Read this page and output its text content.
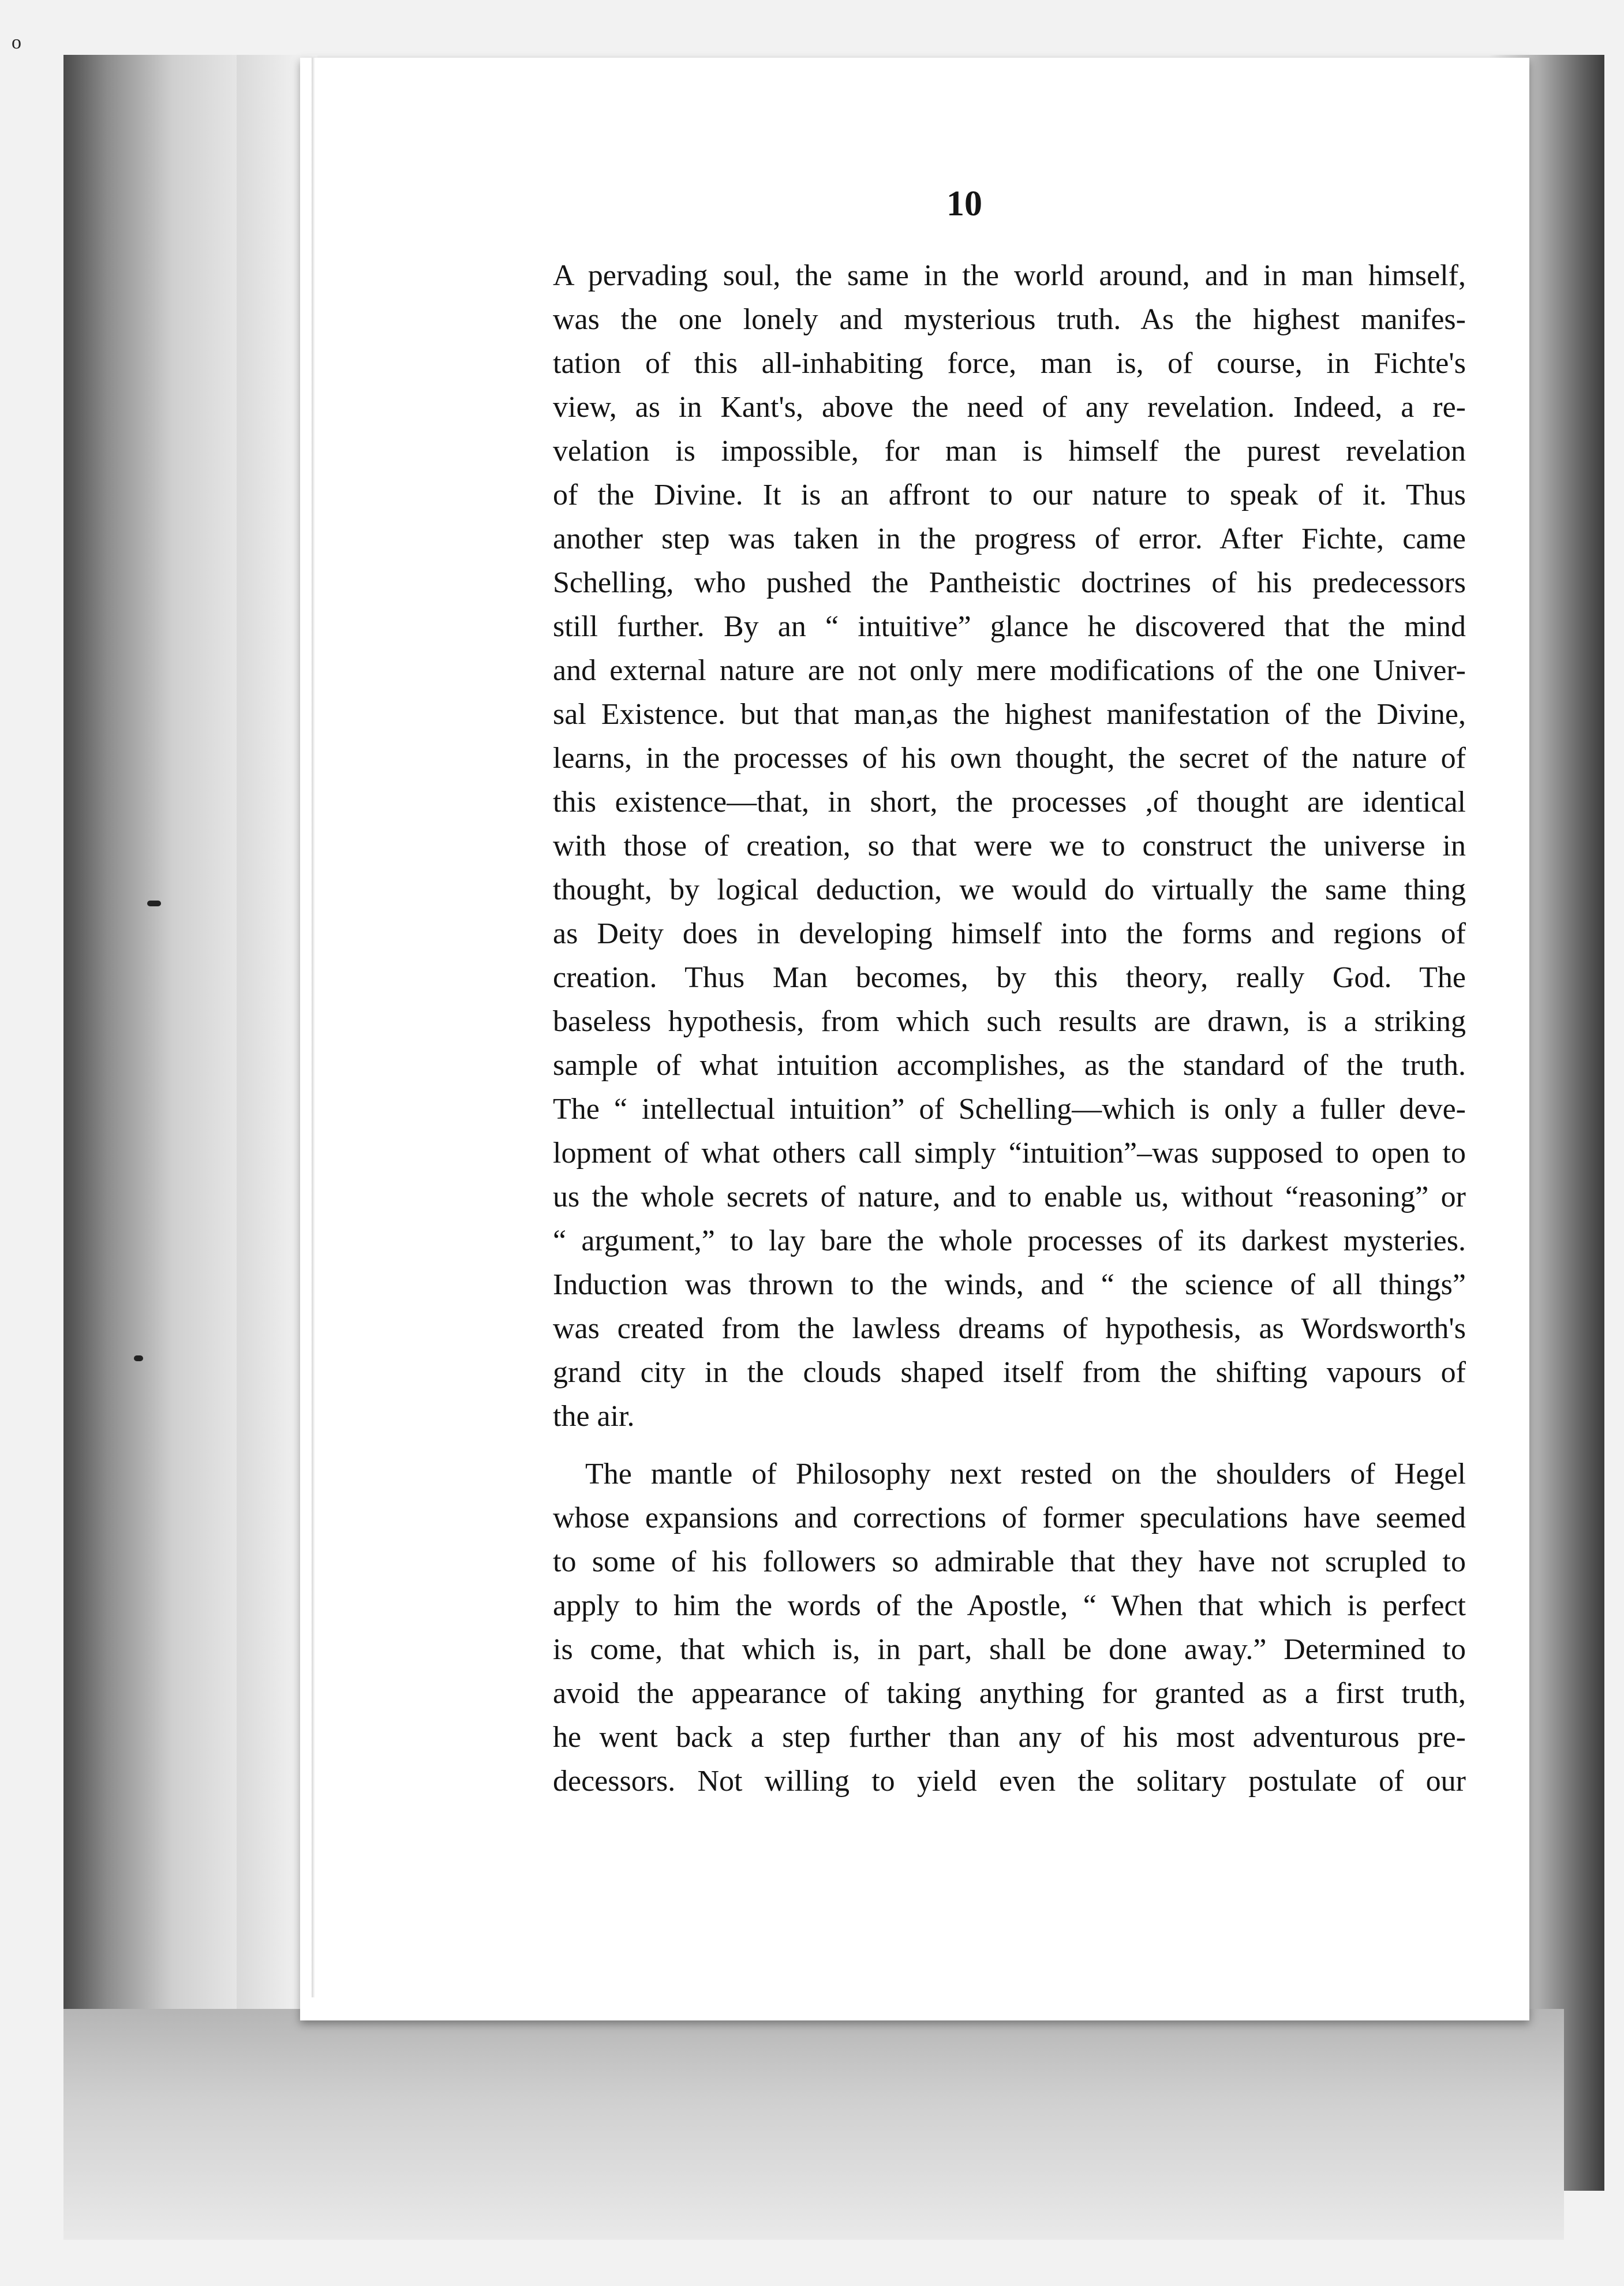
o
10
A pervading soul, the same in the world around, and in man himself,
was the one lonely and mysterious truth. As the highest manifes-
tation of this all-inhabiting force, man is, of course, in Fichte's
view, as in Kant's, above the need of any revelation. Indeed, a re-
velation is impossible, for man is himself the purest revelation
of the Divine. It is an affront to our nature to speak of it. Thus
another step was taken in the progress of error. After Fichte, came
Schelling, who pushed the Pantheistic doctrines of his predecessors
still further. By an “ intuitive” glance he discovered that the mind
and external nature are not only mere modifications of the one Univer-
sal Existence. but that man,as the highest manifestation of the Divine,
learns, in the processes of his own thought, the secret of the nature of
this existence—that, in short, the processes ,of thought are identical
with those of creation, so that were we to construct the universe in
thought, by logical deduction, we would do virtually the same thing
as Deity does in developing himself into the forms and regions of
creation. Thus Man becomes, by this theory, really God. The
baseless hypothesis, from which such results are drawn, is a striking
sample of what intuition accomplishes, as the standard of the truth.
The “ intellectual intuition” of Schelling—which is only a fuller deve-
lopment of what others call simply “intuition”–was supposed to open to
us the whole secrets of nature, and to enable us, without “reasoning” or
“ argument,” to lay bare the whole processes of its darkest mysteries.
Induction was thrown to the winds, and “ the science of all things”
was created from the lawless dreams of hypothesis, as Wordsworth's
grand city in the clouds shaped itself from the shifting vapours of
the air.
The mantle of Philosophy next rested on the shoulders of Hegel
whose expansions and corrections of former speculations have seemed
to some of his followers so admirable that they have not scrupled to
apply to him the words of the Apostle, “ When that which is perfect
is come, that which is, in part, shall be done away.” Determined to
avoid the appearance of taking anything for granted as a first truth,
he went back a step further than any of his most adventurous pre-
decessors. Not willing to yield even the solitary postulate of our
